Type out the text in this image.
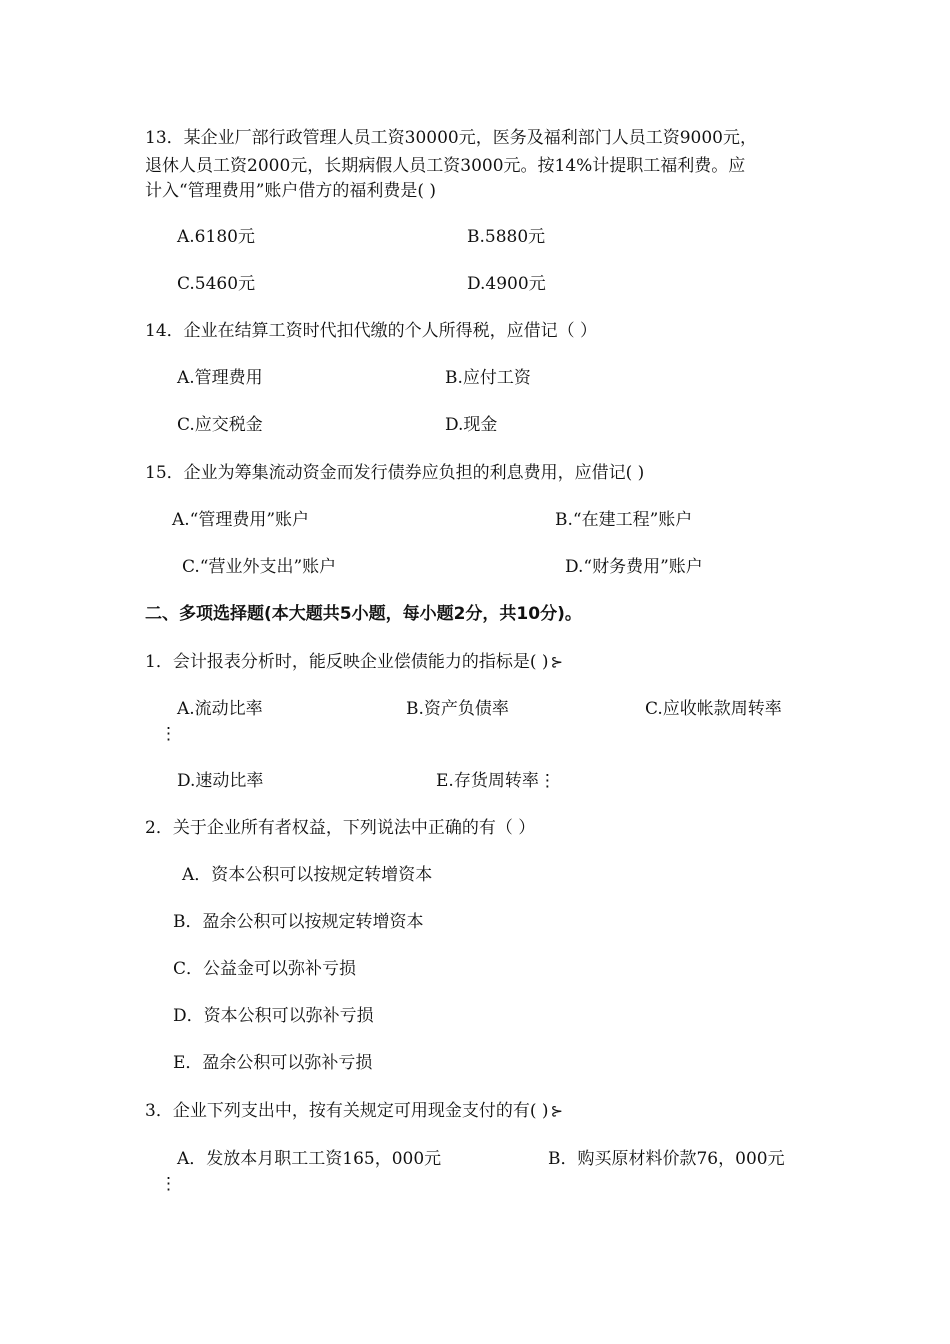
13．某企业厂部行政管理人员工资30000元，医务及福利部门人员工资9000元，
退休人员工资2000元，长期病假人员工资3000元。按14%计提职工福利费。应
计入“管理费用”账户借方的福利费是( )
A.6180元	B.5880元
C.5460元	D.4900元
14．企业在结算工资时代扣代缴的个人所得税，应借记（ ）
A.管理费用	B.应付工资
C.应交税金	D.现金
15．企业为筹集流动资金而发行债券应负担的利息费用，应借记( )
A.“管理费用”账户	B.“在建工程”账户
C.“营业外支出”账户	D.“财务费用”账户
二、多项选择题(本大题共5小题，每小题2分，共10分)。
1．会计报表分析时，能反映企业偿债能力的指标是( ) ⊱
A.流动比率	B.资产负债率	C.应收帐款周转率
⋮
D.速动比率	E.存货周转率⋮
2．关于企业所有者权益，下列说法中正确的有（ ）
A．资本公积可以按规定转增资本
B．盈余公积可以按规定转增资本
C．公益金可以弥补亏损
D．资本公积可以弥补亏损
E．盈余公积可以弥补亏损
3．企业下列支出中，按有关规定可用现金支付的有( ) ⊱
A．发放本月职工工资165，000元	B．购买原材料价款76，000元
⋮
